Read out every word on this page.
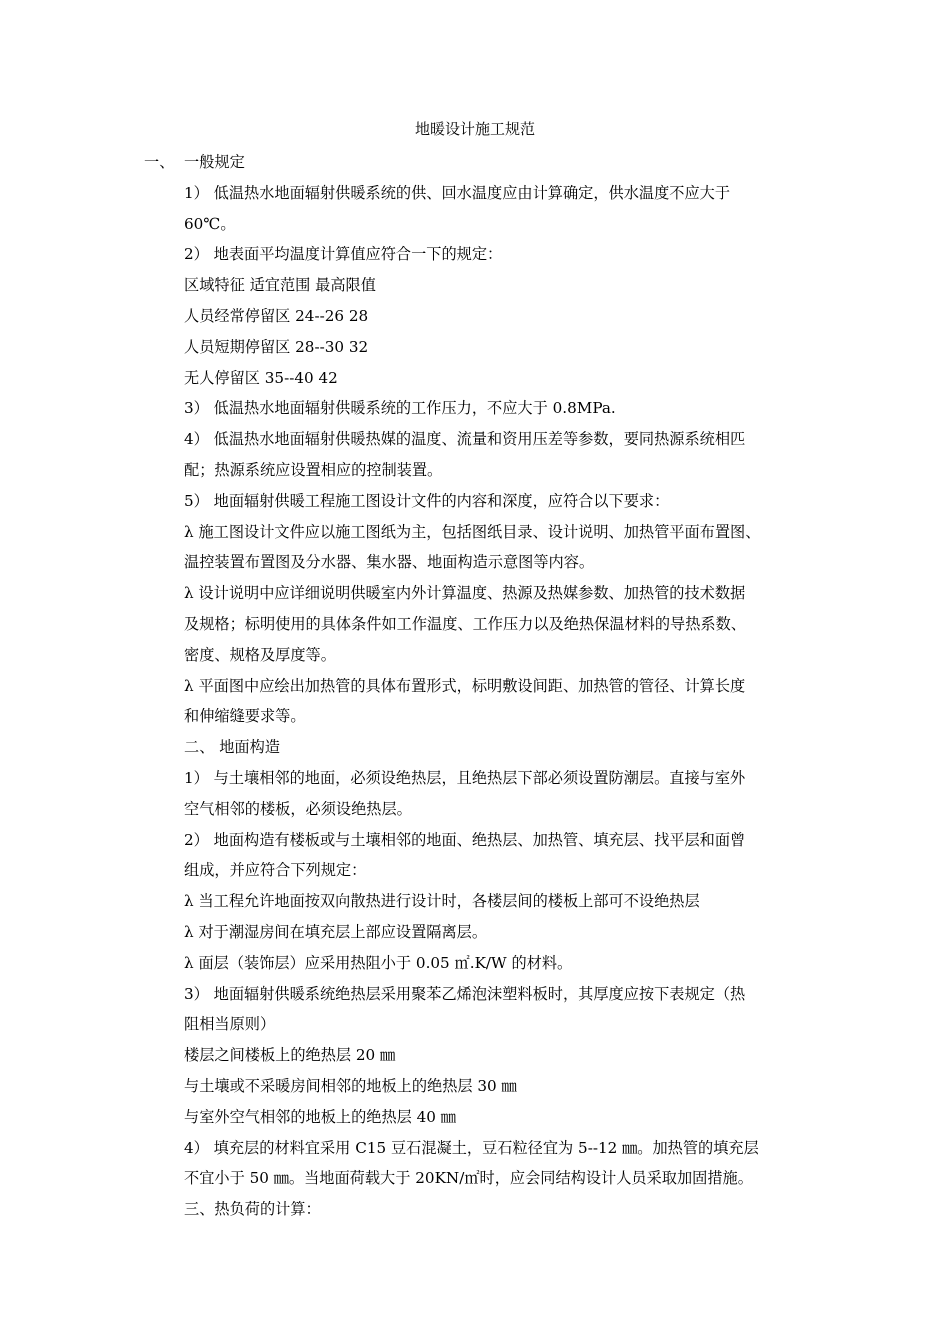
地暖设计施工规范
一、 一般规定
1） 低温热水地面辐射供暖系统的供、回水温度应由计算确定，供水温度不应大于
60℃。
2） 地表面平均温度计算值应符合一下的规定：
区域特征 适宜范围 最高限值
人员经常停留区 24--26 28
人员短期停留区 28--30 32
无人停留区 35--40 42
3） 低温热水地面辐射供暖系统的工作压力，不应大于 0.8MPa.
4） 低温热水地面辐射供暖热媒的温度、流量和资用压差等参数，要同热源系统相匹
配；热源系统应设置相应的控制装置。
5） 地面辐射供暖工程施工图设计文件的内容和深度，应符合以下要求：
λ 施工图设计文件应以施工图纸为主，包括图纸目录、设计说明、加热管平面布置图、
温控装置布置图及分水器、集水器、地面构造示意图等内容。
λ 设计说明中应详细说明供暖室内外计算温度、热源及热媒参数、加热管的技术数据
及规格；标明使用的具体条件如工作温度、工作压力以及绝热保温材料的导热系数、
密度、规格及厚度等。
λ 平面图中应绘出加热管的具体布置形式，标明敷设间距、加热管的管径、计算长度
和伸缩缝要求等。
二、 地面构造
1） 与土壤相邻的地面，必须设绝热层，且绝热层下部必须设置防潮层。直接与室外
空气相邻的楼板，必须设绝热层。
2） 地面构造有楼板或与土壤相邻的地面、绝热层、加热管、填充层、找平层和面曾
组成，并应符合下列规定：
λ 当工程允许地面按双向散热进行设计时，各楼层间的楼板上部可不设绝热层
λ 对于潮湿房间在填充层上部应设置隔离层。
λ 面层（装饰层）应采用热阻小于 0.05 ㎡.K/W 的材料。
3） 地面辐射供暖系统绝热层采用聚苯乙烯泡沫塑料板时，其厚度应按下表规定（热
阻相当原则）
楼层之间楼板上的绝热层 20 ㎜
与土壤或不采暖房间相邻的地板上的绝热层 30 ㎜
与室外空气相邻的地板上的绝热层 40 ㎜
4） 填充层的材料宜采用 C15 豆石混凝土，豆石粒径宜为 5--12 ㎜。加热管的填充层
不宜小于 50 ㎜。当地面荷载大于 20KN/㎡时，应会同结构设计人员采取加固措施。
三、热负荷的计算：
